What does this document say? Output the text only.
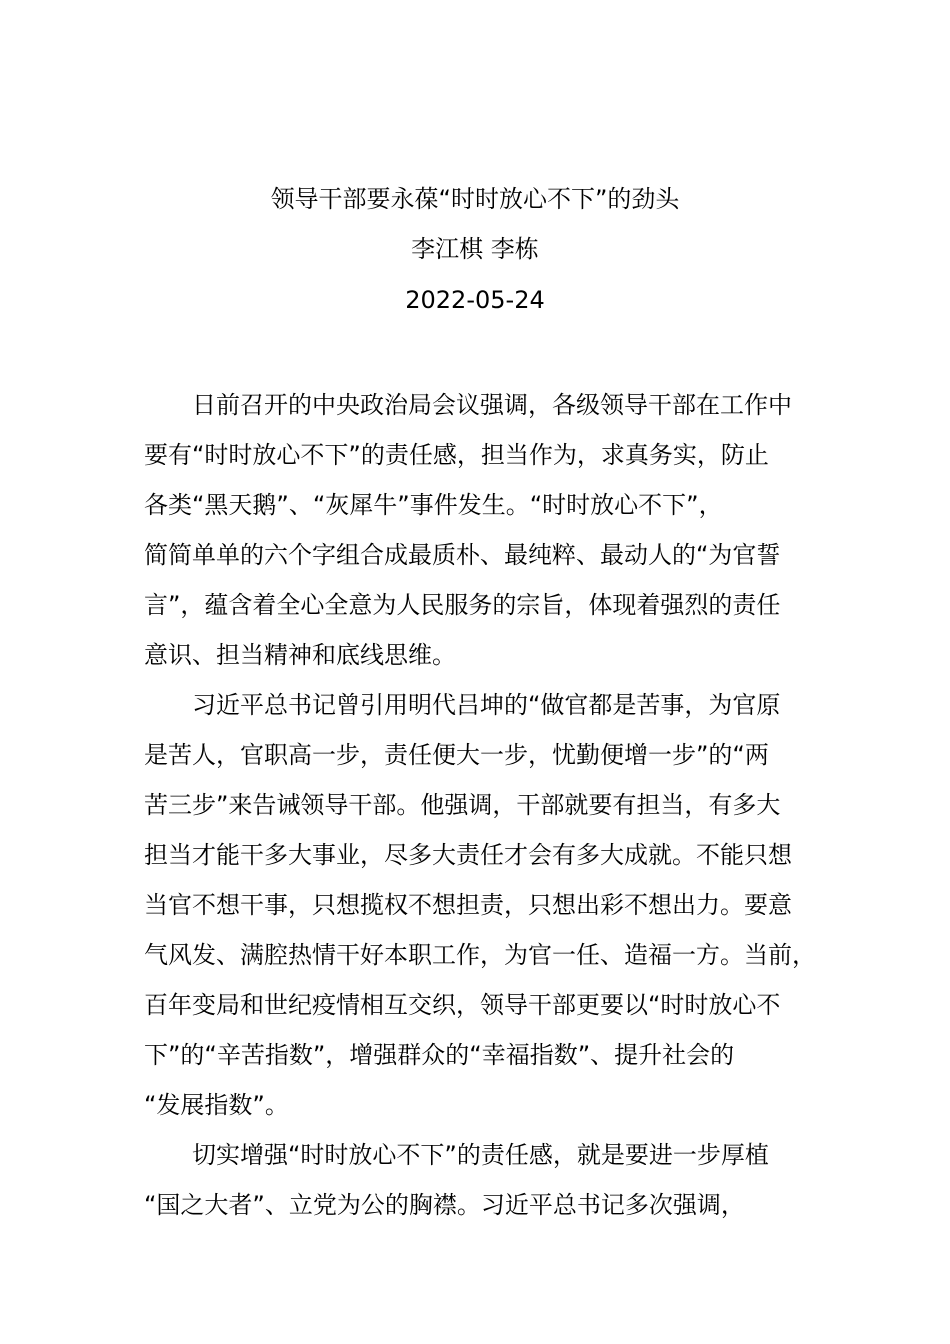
领导干部要永葆“时时放心不下”的劲头
李江棋 李栋
2022-05-24
日前召开的中央政治局会议强调，各级领导干部在工作中
要有“时时放心不下”的责任感，担当作为，求真务实，防止
各类“黑天鹅”、“灰犀牛”事件发生。“时时放心不下”，
简简单单的六个字组合成最质朴、最纯粹、最动人的“为官誓
言”，蕴含着全心全意为人民服务的宗旨，体现着强烈的责任
意识、担当精神和底线思维。
习近平总书记曾引用明代吕坤的“做官都是苦事，为官原
是苦人，官职高一步，责任便大一步，忧勤便增一步”的“两
苦三步”来告诫领导干部。他强调，干部就要有担当，有多大
担当才能干多大事业，尽多大责任才会有多大成就。不能只想
当官不想干事，只想揽权不想担责，只想出彩不想出力。要意
气风发、满腔热情干好本职工作，为官一任、造福一方。当前，
百年变局和世纪疫情相互交织，领导干部更要以“时时放心不
下”的“辛苦指数”，增强群众的“幸福指数”、提升社会的
“发展指数”。
切实增强“时时放心不下”的责任感，就是要进一步厚植
“国之大者”、立党为公的胸襟。习近平总书记多次强调，
